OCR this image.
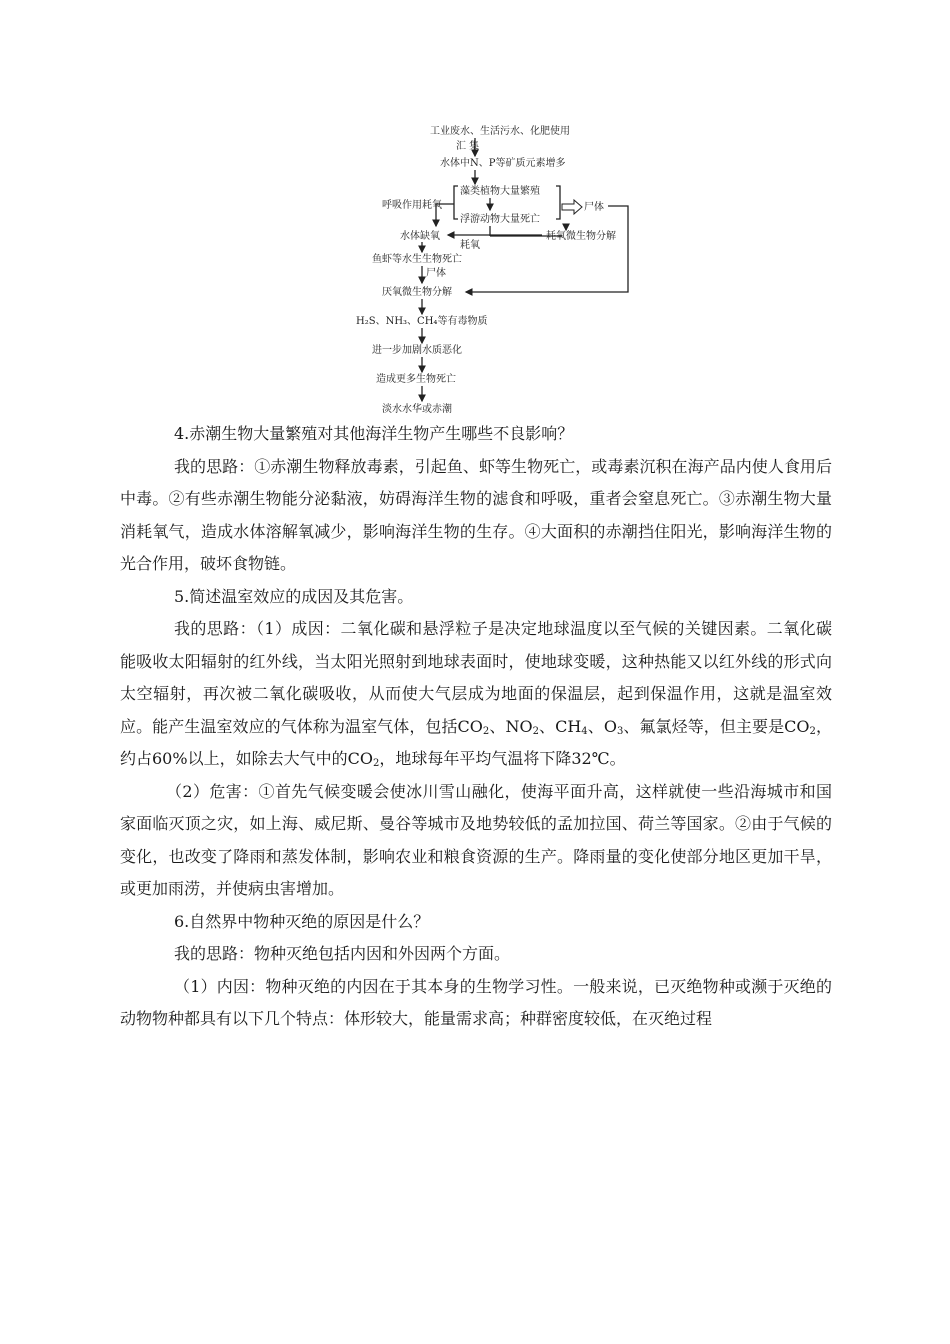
工业废水、生活污水、化肥使用
汇 集
水体中N、P等矿质元素增多
藻类植物大量繁殖
浮游动物大量死亡
尸体
呼吸作用耗氧
水体缺氧	耗氧微生物分解
耗氧
鱼虾等水生生物死亡
尸体
厌氧微生物分解
H₂S、NH₃、CH₄等有毒物质
进一步加剧水质恶化
造成更多生物死亡
淡水水华或赤潮

4.赤潮生物大量繁殖对其他海洋生物产生哪些不良影响？

我的思路：①赤潮生物释放毒素，引起鱼、虾等生物死亡，或毒素沉积在海产品内使人食用后中毒。②有些赤潮生物能分泌黏液，妨碍海洋生物的滤食和呼吸，重者会窒息死亡。③赤潮生物大量消耗氧气，造成水体溶解氧减少，影响海洋生物的生存。④大面积的赤潮挡住阳光，影响海洋生物的光合作用，破坏食物链。

5.简述温室效应的成因及其危害。

我的思路：（1）成因：二氧化碳和悬浮粒子是决定地球温度以至气候的关键因素。二氧化碳能吸收太阳辐射的红外线，当太阳光照射到地球表面时，使地球变暖，这种热能又以红外线的形式向太空辐射，再次被二氧化碳吸收，从而使大气层成为地面的保温层，起到保温作用，这就是温室效应。能产生温室效应的气体称为温室气体，包括$CO_2$、$NO_2$、$CH_4$、$O_3$、氟氯烃等，但主要是$CO_2$，约占60%以上，如除去大气中的$CO_2$，地球每年平均气温将下降32℃。

（2）危害：①首先气候变暖会使冰川雪山融化，使海平面升高，这样就使一些沿海城市和国家面临灭顶之灾，如上海、威尼斯、曼谷等城市及地势较低的孟加拉国、荷兰等国家。②由于气候的变化，也改变了降雨和蒸发体制，影响农业和粮食资源的生产。降雨量的变化使部分地区更加干旱，或更加雨涝，并使病虫害增加。

6.自然界中物种灭绝的原因是什么？

我的思路：物种灭绝包括内因和外因两个方面。

（1）内因：物种灭绝的内因在于其本身的生物学习性。一般来说，已灭绝物种或濒于灭绝的动物物种都具有以下几个特点：体形较大，能量需求高；种群密度较低，在灭绝过程
